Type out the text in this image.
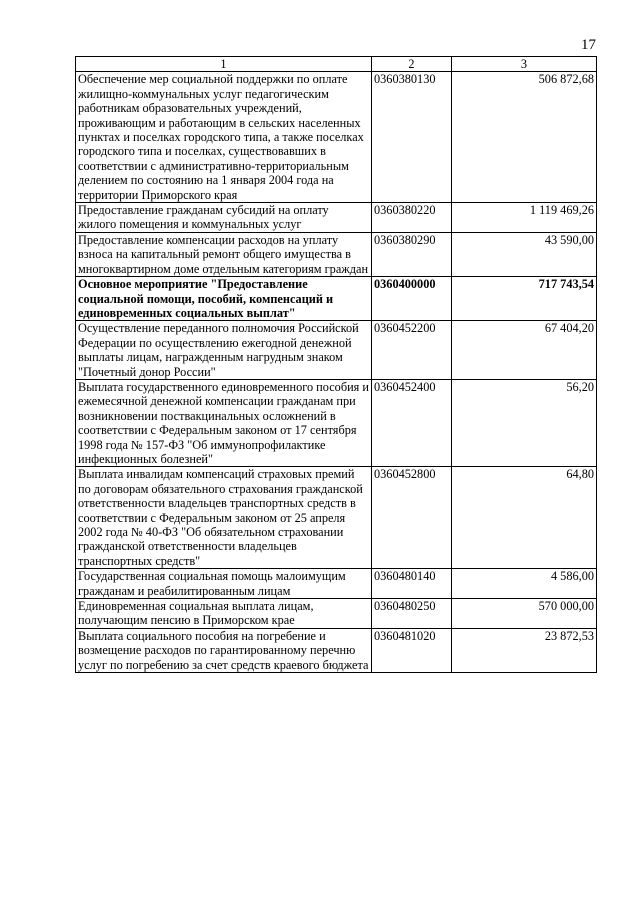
17
1	2	3
Обеспечение мер социальной поддержки по оплате жилищно-коммунальных услуг педагогическим работникам образовательных учреждений, проживающим и работающим в сельских населенных пунктах и поселках городского типа, а также поселках городского типа и поселках, существовавших в соответствии с административно-территориальным делением по состоянию на 1 января 2004 года на территории Приморского края	0360380130	506 872,68
Предоставление гражданам субсидий на оплату жилого помещения и коммунальных услуг	0360380220	1 119 469,26
Предоставление компенсации расходов на уплату взноса на капитальный ремонт общего имущества в многоквартирном доме отдельным категориям граждан	0360380290	43 590,00
Основное мероприятие "Предоставление социальной помощи, пособий, компенсаций и единовременных социальных выплат"	0360400000	717 743,54
Осуществление переданного полномочия Российской Федерации по осуществлению ежегодной денежной выплаты лицам, награжденным нагрудным знаком "Почетный донор России"	0360452200	67 404,20
Выплата государственного единовременного пособия и ежемесячной денежной компенсации гражданам при возникновении поствакцинальных осложнений в соответствии с Федеральным законом от 17 сентября 1998 года № 157-ФЗ "Об иммунопрофилактике инфекционных болезней"	0360452400	56,20
Выплата инвалидам компенсаций страховых премий по договорам обязательного страхования гражданской ответственности владельцев транспортных средств в соответствии с Федеральным законом от 25 апреля 2002 года № 40-ФЗ "Об обязательном страховании гражданской ответственности владельцев транспортных средств"	0360452800	64,80
Государственная социальная помощь малоимущим гражданам и реабилитированным лицам	0360480140	4 586,00
Единовременная социальная выплата лицам, получающим пенсию в Приморском крае	0360480250	570 000,00
Выплата социального пособия на погребение и возмещение расходов по гарантированному перечню услуг по погребению за счет средств краевого бюджета	0360481020	23 872,53
